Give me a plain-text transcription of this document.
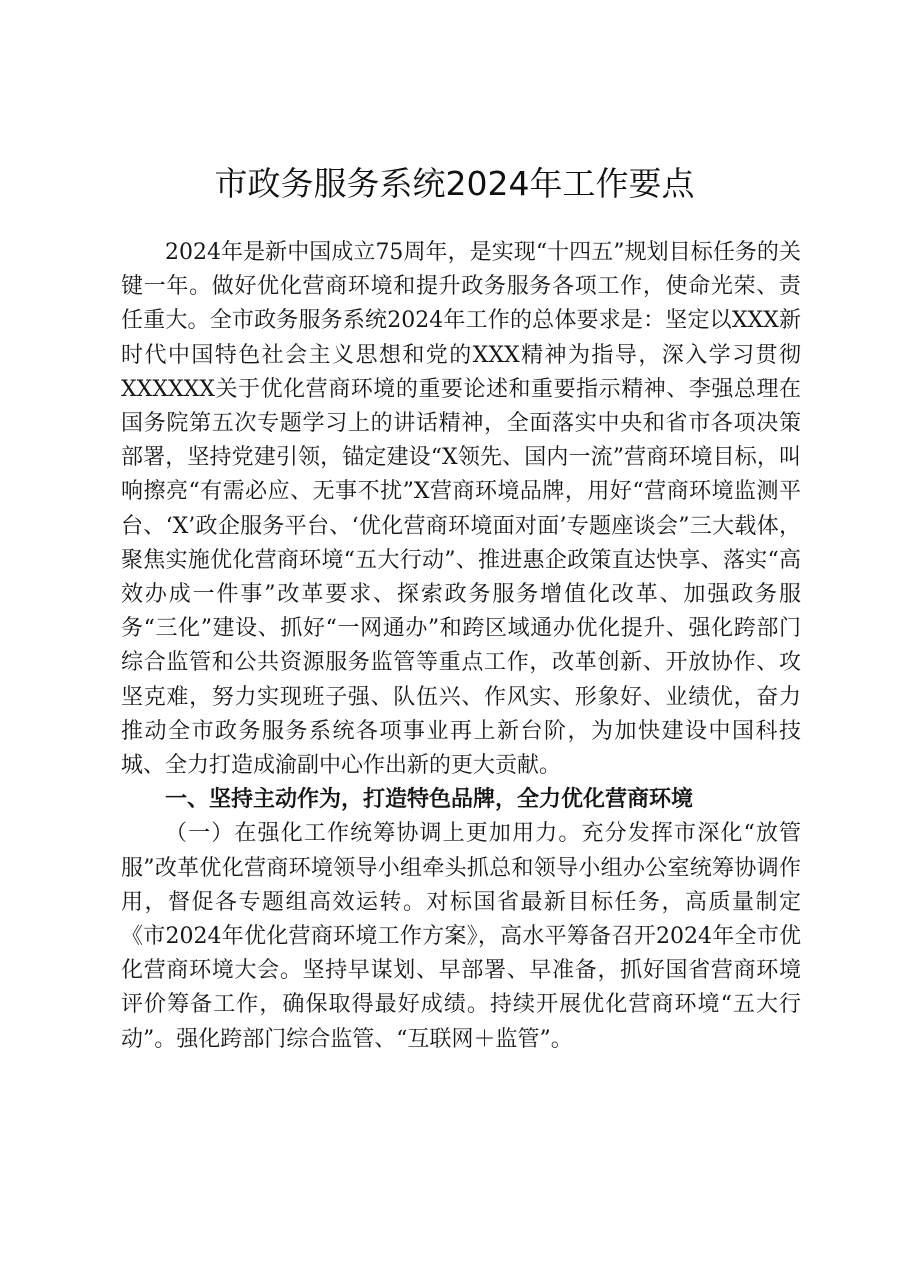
市政务服务系统2024年工作要点

2024年是新中国成立75周年，是实现“十四五”规划目标任务的关键一年。做好优化营商环境和提升政务服务各项工作，使命光荣、责任重大。全市政务服务系统2024年工作的总体要求是：坚定以XXX新时代中国特色社会主义思想和党的XXX精神为指导，深入学习贯彻XXXXXX关于优化营商环境的重要论述和重要指示精神、李强总理在国务院第五次专题学习上的讲话精神，全面落实中央和省市各项决策部署，坚持党建引领，锚定建设“X领先、国内一流”营商环境目标，叫响擦亮“有需必应、无事不扰”X营商环境品牌，用好“营商环境监测平台、‘X’政企服务平台、‘优化营商环境面对面’专题座谈会”三大载体，聚焦实施优化营商环境“五大行动”、推进惠企政策直达快享、落实“高效办成一件事”改革要求、探索政务服务增值化改革、加强政务服务“三化”建设、抓好“一网通办”和跨区域通办优化提升、强化跨部门综合监管和公共资源服务监管等重点工作，改革创新、开放协作、攻坚克难，努力实现班子强、队伍兴、作风实、形象好、业绩优，奋力推动全市政务服务系统各项事业再上新台阶，为加快建设中国科技城、全力打造成渝副中心作出新的更大贡献。

一、坚持主动作为，打造特色品牌，全力优化营商环境

（一）在强化工作统筹协调上更加用力。充分发挥市深化“放管服”改革优化营商环境领导小组牵头抓总和领导小组办公室统筹协调作用，督促各专题组高效运转。对标国省最新目标任务，高质量制定《市2024年优化营商环境工作方案》，高水平筹备召开2024年全市优化营商环境大会。坚持早谋划、早部署、早准备，抓好国省营商环境评价筹备工作，确保取得最好成绩。持续开展优化营商环境“五大行动”。强化跨部门综合监管、“互联网＋监管”。
